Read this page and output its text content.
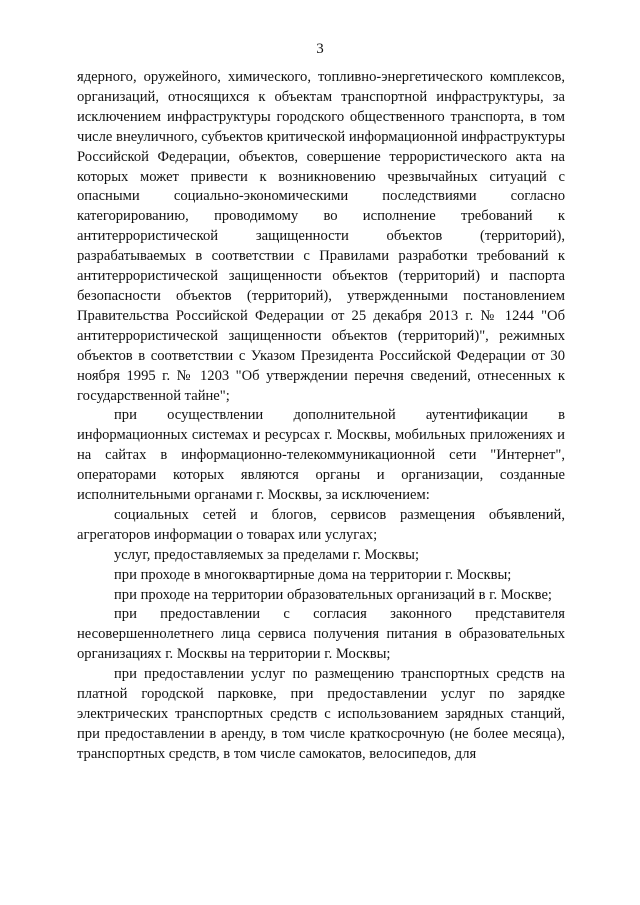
3

ядерного, оружейного, химического, топливно-энергетического комплексов, организаций, относящихся к объектам транспортной инфраструктуры, за исключением инфраструктуры городского общественного транспорта, в том числе внеуличного, субъектов критической информационной инфраструктуры Российской Федерации, объектов, совершение террористического акта на которых может привести к возникновению чрезвычайных ситуаций с опасными социально-экономическими последствиями согласно категорированию, проводимому во исполнение требований к антитеррористической защищенности объектов (территорий), разрабатываемых в соответствии с Правилами разработки требований к антитеррористической защищенности объектов (территорий) и паспорта безопасности объектов (территорий), утвержденными постановлением Правительства Российской Федерации от 25 декабря 2013 г. № 1244 "Об антитеррористической защищенности объектов (территорий)", режимных объектов в соответствии с Указом Президента Российской Федерации от 30 ноября 1995 г. № 1203 "Об утверждении перечня сведений, отнесенных к государственной тайне";

при осуществлении дополнительной аутентификации в информационных системах и ресурсах г. Москвы, мобильных приложениях и на сайтах в информационно-телекоммуникационной сети "Интернет", операторами которых являются органы и организации, созданные исполнительными органами г. Москвы, за исключением:

социальных сетей и блогов, сервисов размещения объявлений, агрегаторов информации о товарах или услугах;

услуг, предоставляемых за пределами г. Москвы;

при проходе в многоквартирные дома на территории г. Москвы;

при проходе на территории образовательных организаций в г. Москве;

при предоставлении с согласия законного представителя несовершеннолетнего лица сервиса получения питания в образовательных организациях г. Москвы на территории г. Москвы;

при предоставлении услуг по размещению транспортных средств на платной городской парковке, при предоставлении услуг по зарядке электрических транспортных средств с использованием зарядных станций, при предоставлении в аренду, в том числе краткосрочную (не более месяца), транспортных средств, в том числе самокатов, велосипедов, для
